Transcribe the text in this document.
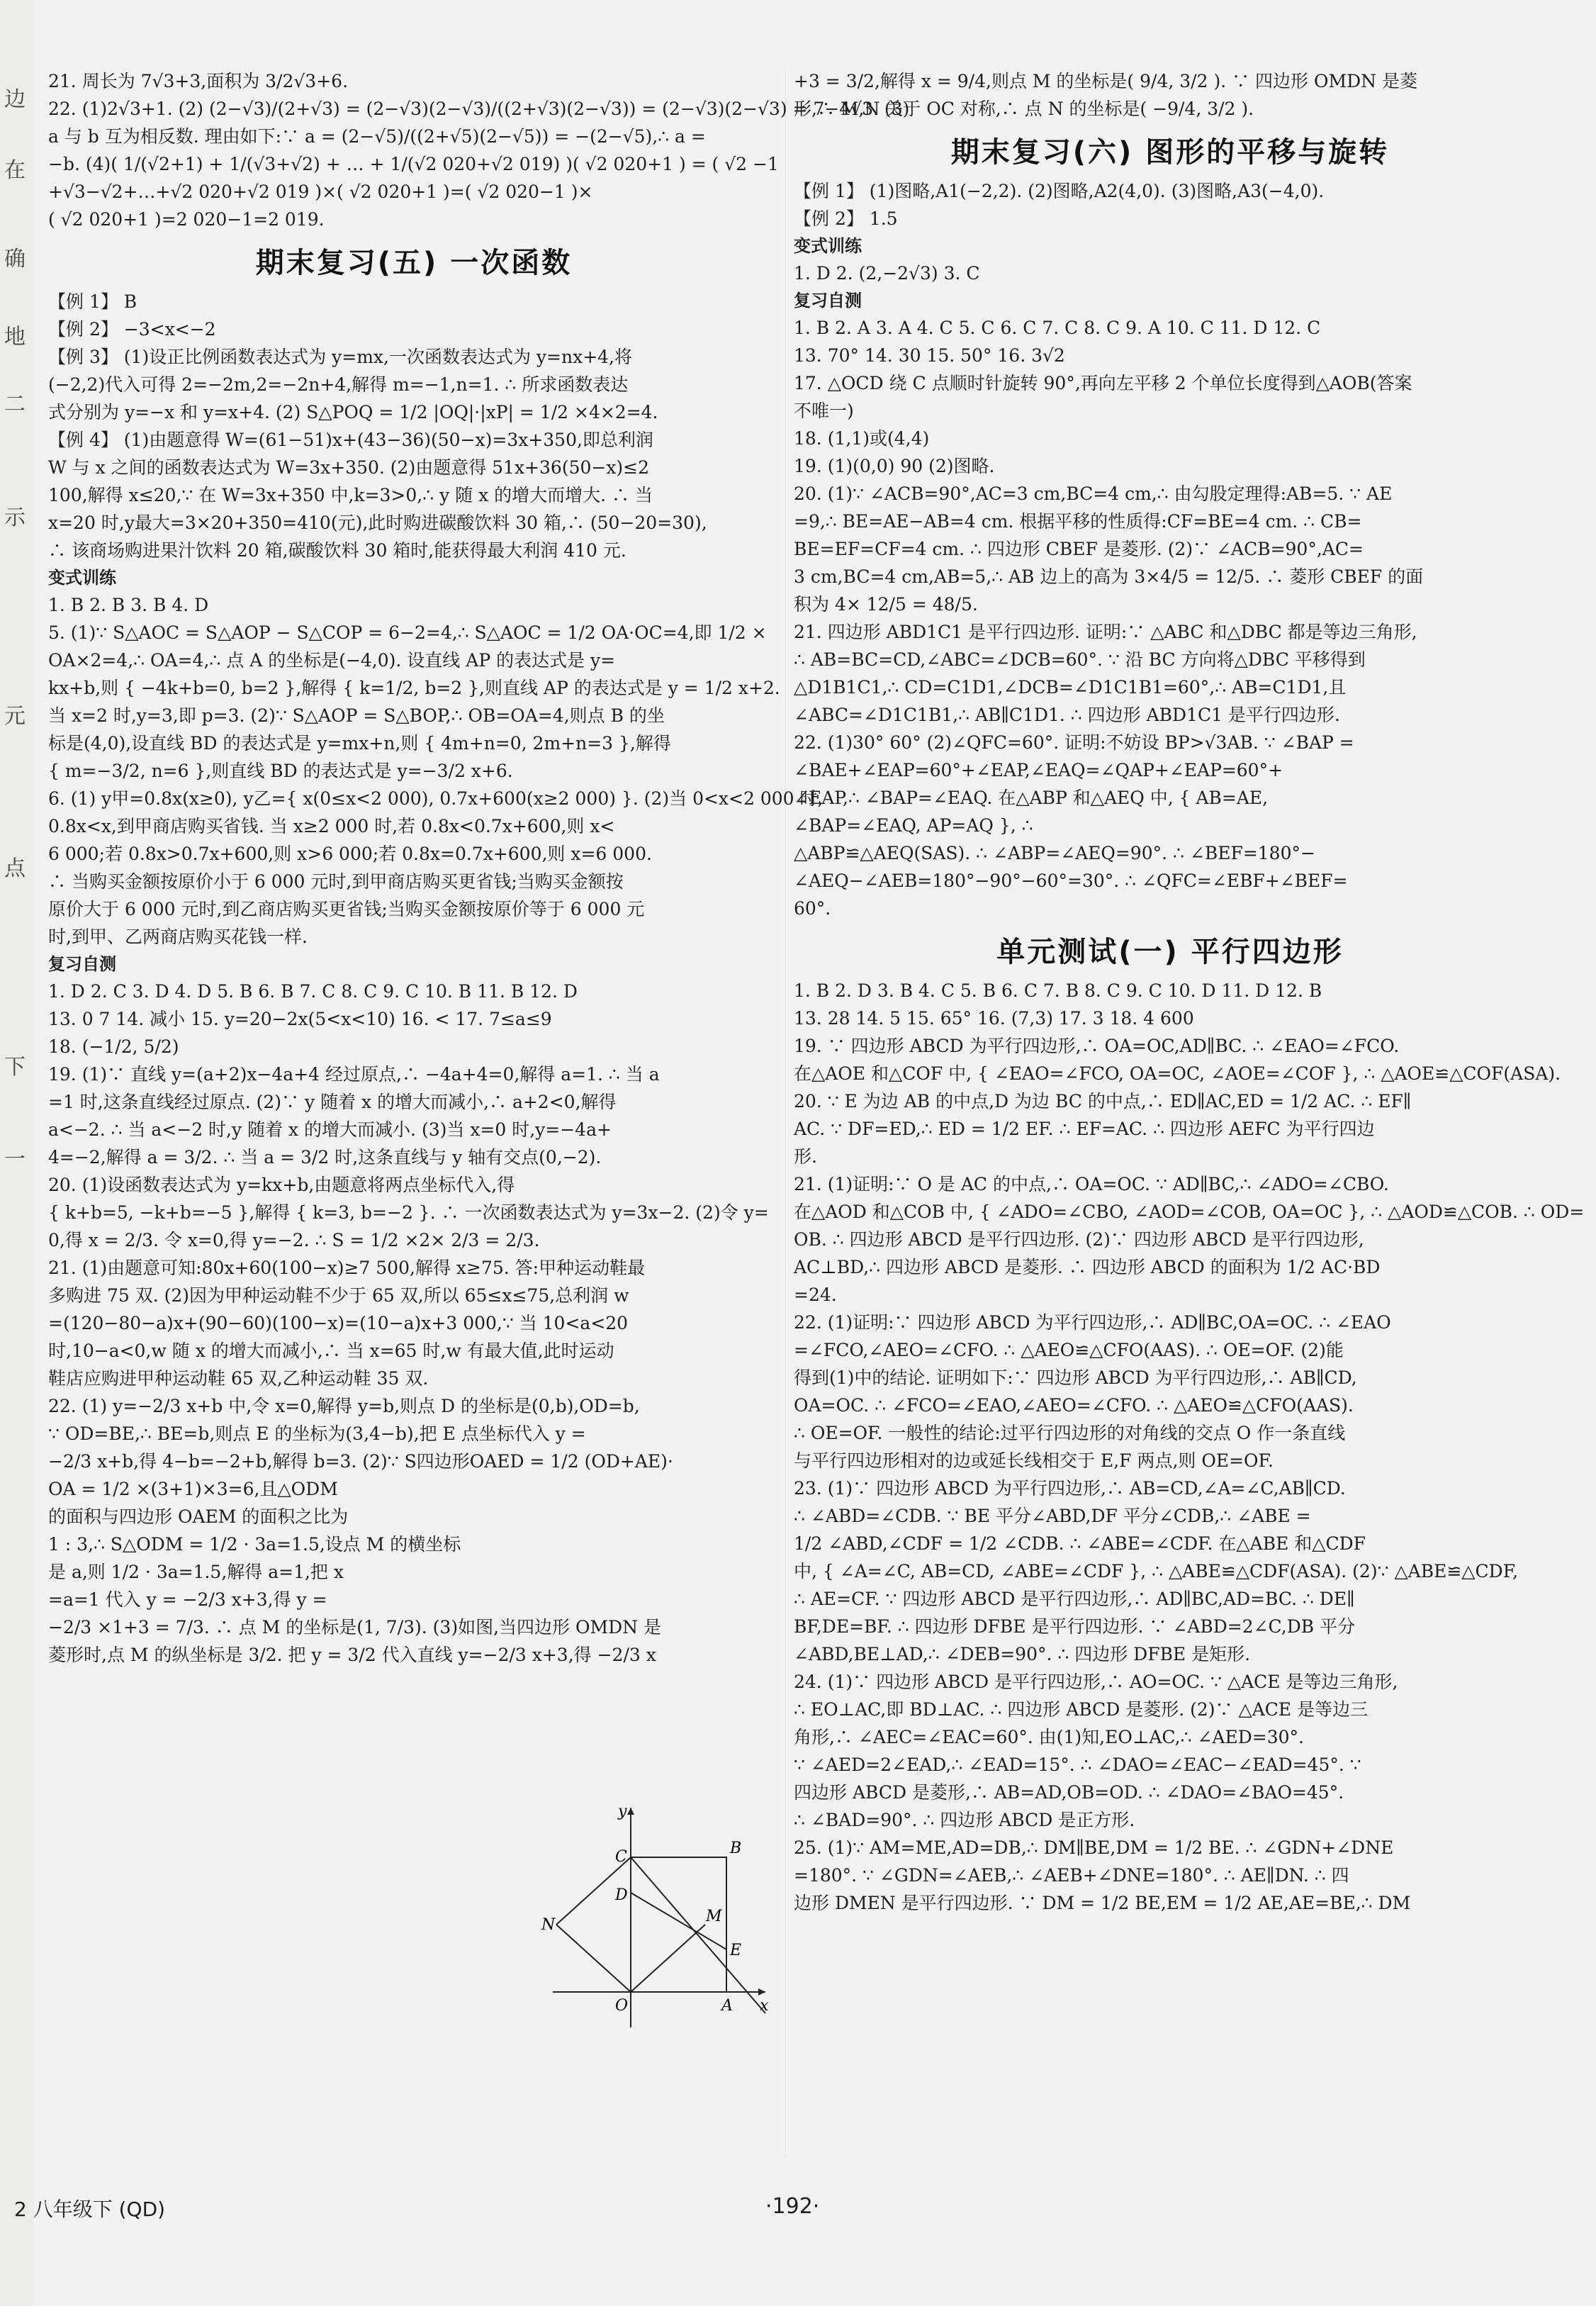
边
在
确
地
二
示
元
点
下
一
21. 周长为 7√3+3,面积为 3/2√3+6.
22. (1)2√3+1. (2) (2−√3)/(2+√3) = (2−√3)(2−√3)/((2+√3)(2−√3)) = (2−√3)(2−√3) = 7−4√3. (3)
a 与 b 互为相反数. 理由如下:∵ a = (2−√5)/((2+√5)(2−√5)) = −(2−√5),∴ a =
−b. (4)( 1/(√2+1) + 1/(√3+√2) + … + 1/(√2 020+√2 019) )( √2 020+1 ) = ( √2 −1
+√3−√2+…+√2 020+√2 019 )×( √2 020+1 )=( √2 020−1 )×
( √2 020+1 )=2 020−1=2 019.
期末复习(五) 一次函数
【例 1】 B
【例 2】 −3<x<−2
【例 3】 (1)设正比例函数表达式为 y=mx,一次函数表达式为 y=nx+4,将
(−2,2)代入可得 2=−2m,2=−2n+4,解得 m=−1,n=1. ∴ 所求函数表达
式分别为 y=−x 和 y=x+4. (2) S△POQ = 1/2 |OQ|·|xP| = 1/2 ×4×2=4.
【例 4】 (1)由题意得 W=(61−51)x+(43−36)(50−x)=3x+350,即总利润
W 与 x 之间的函数表达式为 W=3x+350. (2)由题意得 51x+36(50−x)≤2
100,解得 x≤20,∵ 在 W=3x+350 中,k=3>0,∴ y 随 x 的增大而增大. ∴ 当
x=20 时,y最大=3×20+350=410(元),此时购进碳酸饮料 30 箱,∴ (50−20=30),
∴ 该商场购进果汁饮料 20 箱,碳酸饮料 30 箱时,能获得最大利润 410 元.
变式训练
1. B 2. B 3. B 4. D
5. (1)∵ S△AOC = S△AOP − S△COP = 6−2=4,∴ S△AOC = 1/2 OA·OC=4,即 1/2 ×
OA×2=4,∴ OA=4,∴ 点 A 的坐标是(−4,0). 设直线 AP 的表达式是 y=
kx+b,则 { −4k+b=0, b=2 },解得 { k=1/2, b=2 },则直线 AP 的表达式是 y = 1/2 x+2.
当 x=2 时,y=3,即 p=3. (2)∵ S△AOP = S△BOP,∴ OB=OA=4,则点 B 的坐
标是(4,0),设直线 BD 的表达式是 y=mx+n,则 { 4m+n=0, 2m+n=3 },解得
{ m=−3/2, n=6 },则直线 BD 的表达式是 y=−3/2 x+6.
6. (1) y甲=0.8x(x≥0), y乙={ x(0≤x<2 000), 0.7x+600(x≥2 000) }. (2)当 0<x<2 000 时,
0.8x<x,到甲商店购买省钱. 当 x≥2 000 时,若 0.8x<0.7x+600,则 x<
6 000;若 0.8x>0.7x+600,则 x>6 000;若 0.8x=0.7x+600,则 x=6 000.
∴ 当购买金额按原价小于 6 000 元时,到甲商店购买更省钱;当购买金额按
原价大于 6 000 元时,到乙商店购买更省钱;当购买金额按原价等于 6 000 元
时,到甲、乙两商店购买花钱一样.
复习自测
1. D 2. C 3. D 4. D 5. B 6. B 7. C 8. C 9. C 10. B 11. B 12. D
13. 0 7 14. 减小 15. y=20−2x(5<x<10) 16. < 17. 7≤a≤9
18. (−1/2, 5/2)
19. (1)∵ 直线 y=(a+2)x−4a+4 经过原点,∴ −4a+4=0,解得 a=1. ∴ 当 a
=1 时,这条直线经过原点. (2)∵ y 随着 x 的增大而减小,∴ a+2<0,解得
a<−2. ∴ 当 a<−2 时,y 随着 x 的增大而减小. (3)当 x=0 时,y=−4a+
4=−2,解得 a = 3/2. ∴ 当 a = 3/2 时,这条直线与 y 轴有交点(0,−2).
20. (1)设函数表达式为 y=kx+b,由题意将两点坐标代入,得
{ k+b=5, −k+b=−5 },解得 { k=3, b=−2 }. ∴ 一次函数表达式为 y=3x−2. (2)令 y=
0,得 x = 2/3. 令 x=0,得 y=−2. ∴ S = 1/2 ×2× 2/3 = 2/3.
21. (1)由题意可知:80x+60(100−x)≥7 500,解得 x≥75. 答:甲种运动鞋最
多购进 75 双. (2)因为甲种运动鞋不少于 65 双,所以 65≤x≤75,总利润 w
=(120−80−a)x+(90−60)(100−x)=(10−a)x+3 000,∵ 当 10<a<20
时,10−a<0,w 随 x 的增大而减小,∴ 当 x=65 时,w 有最大值,此时运动
鞋店应购进甲种运动鞋 65 双,乙种运动鞋 35 双.
22. (1) y=−2/3 x+b 中,令 x=0,解得 y=b,则点 D 的坐标是(0,b),OD=b,
∵ OD=BE,∴ BE=b,则点 E 的坐标为(3,4−b),把 E 点坐标代入 y =
−2/3 x+b,得 4−b=−2+b,解得 b=3. (2)∵ S四边形OAED = 1/2 (OD+AE)·
OA = 1/2 ×(3+1)×3=6,且△ODM
的面积与四边形 OAEM 的面积之比为
1 : 3,∴ S△ODM = 1/2 · 3a=1.5,设点 M 的横坐标
是 a,则 1/2 · 3a=1.5,解得 a=1,把 x
=a=1 代入 y = −2/3 x+3,得 y =
−2/3 ×1+3 = 7/3. ∴ 点 M 的坐标是(1, 7/3). (3)如图,当四边形 OMDN 是
菱形时,点 M 的纵坐标是 3/2. 把 y = 3/2 代入直线 y=−2/3 x+3,得 −2/3 x
+3 = 3/2,解得 x = 9/4,则点 M 的坐标是( 9/4, 3/2 ). ∵ 四边形 OMDN 是菱
形,∴ M,N 关于 OC 对称,∴ 点 N 的坐标是( −9/4, 3/2 ).
期末复习(六) 图形的平移与旋转
【例 1】 (1)图略,A1(−2,2). (2)图略,A2(4,0). (3)图略,A3(−4,0).
【例 2】 1.5
变式训练
1. D 2. (2,−2√3) 3. C
复习自测
1. B 2. A 3. A 4. C 5. C 6. C 7. C 8. C 9. A 10. C 11. D 12. C
13. 70° 14. 30 15. 50° 16. 3√2
17. △OCD 绕 C 点顺时针旋转 90°,再向左平移 2 个单位长度得到△AOB(答案
不唯一)
18. (1,1)或(4,4)
19. (1)(0,0) 90 (2)图略.
20. (1)∵ ∠ACB=90°,AC=3 cm,BC=4 cm,∴ 由勾股定理得:AB=5. ∵ AE
=9,∴ BE=AE−AB=4 cm. 根据平移的性质得:CF=BE=4 cm. ∴ CB=
BE=EF=CF=4 cm. ∴ 四边形 CBEF 是菱形. (2)∵ ∠ACB=90°,AC=
3 cm,BC=4 cm,AB=5,∴ AB 边上的高为 3×4/5 = 12/5. ∴ 菱形 CBEF 的面
积为 4× 12/5 = 48/5.
21. 四边形 ABD1C1 是平行四边形. 证明:∵ △ABC 和△DBC 都是等边三角形,
∴ AB=BC=CD,∠ABC=∠DCB=60°. ∵ 沿 BC 方向将△DBC 平移得到
△D1B1C1,∴ CD=C1D1,∠DCB=∠D1C1B1=60°,∴ AB=C1D1,且
∠ABC=∠D1C1B1,∴ AB∥C1D1. ∴ 四边形 ABD1C1 是平行四边形.
22. (1)30° 60° (2)∠QFC=60°. 证明:不妨设 BP>√3AB. ∵ ∠BAP =
∠BAE+∠EAP=60°+∠EAP,∠EAQ=∠QAP+∠EAP=60°+
∠EAP,∴ ∠BAP=∠EAQ. 在△ABP 和△AEQ 中, { AB=AE,
∠BAP=∠EAQ, AP=AQ }, ∴
△ABP≌△AEQ(SAS). ∴ ∠ABP=∠AEQ=90°. ∴ ∠BEF=180°−
∠AEQ−∠AEB=180°−90°−60°=30°. ∴ ∠QFC=∠EBF+∠BEF=
60°.
单元测试(一) 平行四边形
1. B 2. D 3. B 4. C 5. B 6. C 7. B 8. C 9. C 10. D 11. D 12. B
13. 28 14. 5 15. 65° 16. (7,3) 17. 3 18. 4 600
19. ∵ 四边形 ABCD 为平行四边形,∴ OA=OC,AD∥BC. ∴ ∠EAO=∠FCO.
在△AOE 和△COF 中, { ∠EAO=∠FCO, OA=OC, ∠AOE=∠COF }, ∴ △AOE≌△COF(ASA).
20. ∵ E 为边 AB 的中点,D 为边 BC 的中点,∴ ED∥AC,ED = 1/2 AC. ∴ EF∥
AC. ∵ DF=ED,∴ ED = 1/2 EF. ∴ EF=AC. ∴ 四边形 AEFC 为平行四边
形.
21. (1)证明:∵ O 是 AC 的中点,∴ OA=OC. ∵ AD∥BC,∴ ∠ADO=∠CBO.
在△AOD 和△COB 中, { ∠ADO=∠CBO, ∠AOD=∠COB, OA=OC }, ∴ △AOD≌△COB. ∴ OD=
OB. ∴ 四边形 ABCD 是平行四边形. (2)∵ 四边形 ABCD 是平行四边形,
AC⊥BD,∴ 四边形 ABCD 是菱形. ∴ 四边形 ABCD 的面积为 1/2 AC·BD
=24.
22. (1)证明:∵ 四边形 ABCD 为平行四边形,∴ AD∥BC,OA=OC. ∴ ∠EAO
=∠FCO,∠AEO=∠CFO. ∴ △AEO≌△CFO(AAS). ∴ OE=OF. (2)能
得到(1)中的结论. 证明如下:∵ 四边形 ABCD 为平行四边形,∴ AB∥CD,
OA=OC. ∴ ∠FCO=∠EAO,∠AEO=∠CFO. ∴ △AEO≌△CFO(AAS).
∴ OE=OF. 一般性的结论:过平行四边形的对角线的交点 O 作一条直线
与平行四边形相对的边或延长线相交于 E,F 两点,则 OE=OF.
23. (1)∵ 四边形 ABCD 为平行四边形,∴ AB=CD,∠A=∠C,AB∥CD.
∴ ∠ABD=∠CDB. ∵ BE 平分∠ABD,DF 平分∠CDB,∴ ∠ABE =
1/2 ∠ABD,∠CDF = 1/2 ∠CDB. ∴ ∠ABE=∠CDF. 在△ABE 和△CDF
中, { ∠A=∠C, AB=CD, ∠ABE=∠CDF }, ∴ △ABE≌△CDF(ASA). (2)∵ △ABE≌△CDF,
∴ AE=CF. ∵ 四边形 ABCD 是平行四边形,∴ AD∥BC,AD=BC. ∴ DE∥
BF,DE=BF. ∴ 四边形 DFBE 是平行四边形. ∵ ∠ABD=2∠C,DB 平分
∠ABD,BE⊥AD,∴ ∠DEB=90°. ∴ 四边形 DFBE 是矩形.
24. (1)∵ 四边形 ABCD 是平行四边形,∴ AO=OC. ∵ △ACE 是等边三角形,
∴ EO⊥AC,即 BD⊥AC. ∴ 四边形 ABCD 是菱形. (2)∵ △ACE 是等边三
角形,∴ ∠AEC=∠EAC=60°. 由(1)知,EO⊥AC,∴ ∠AED=30°.
∵ ∠AED=2∠EAD,∴ ∠EAD=15°. ∴ ∠DAO=∠EAC−∠EAD=45°. ∵
四边形 ABCD 是菱形,∴ AB=AD,OB=OD. ∴ ∠DAO=∠BAO=45°.
∴ ∠BAD=90°. ∴ 四边形 ABCD 是正方形.
25. (1)∵ AM=ME,AD=DB,∴ DM∥BE,DM = 1/2 BE. ∴ ∠GDN+∠DNE
=180°. ∵ ∠GDN=∠AEB,∴ ∠AEB+∠DNE=180°. ∴ AE∥DN. ∴ 四
边形 DMEN 是平行四边形. ∵ DM = 1/2 BE,EM = 1/2 AE,AE=BE,∴ DM
y
x
O	A
B
C
D
E
M
N
2 八年级下 (QD)	·192·
